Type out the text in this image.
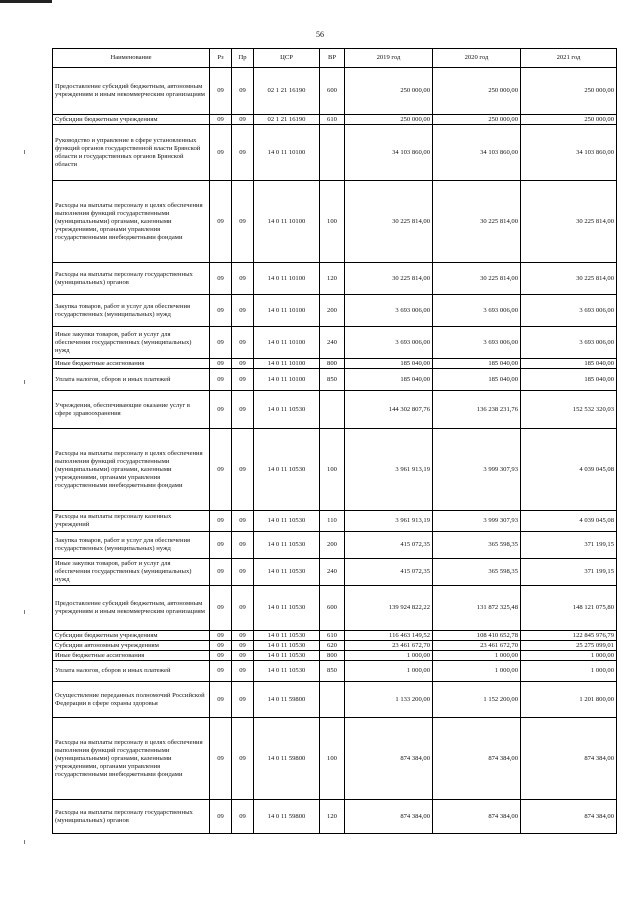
56
Наименование	Рз	Пр	ЦСР	ВР	2019 год	2020 год	2021 год
Предоставление субсидий бюджетным, автономным учреждениям и иным некоммерческим организациям	09	09	02 1 21 16190	600	250 000,00	250 000,00	250 000,00
Субсидии бюджетным учреждениям	09	09	02 1 21 16190	610	250 000,00	250 000,00	250 000,00
Руководство и управление в сфере установленных функций органов государственной власти Брянской области и государственных органов Брянской области	09	09	14 0 11 10100		34 103 860,00	34 103 860,00	34 103 860,00
Расходы на выплаты персоналу в целях обеспечения выполнения функций государственными (муниципальными) органами, казенными учреждениями, органами управления государственными внебюджетными фондами	09	09	14 0 11 10100	100	30 225 814,00	30 225 814,00	30 225 814,00
Расходы на выплаты персоналу государственных (муниципальных) органов	09	09	14 0 11 10100	120	30 225 814,00	30 225 814,00	30 225 814,00
Закупка товаров, работ и услуг для обеспечения государственных (муниципальных) нужд	09	09	14 0 11 10100	200	3 693 006,00	3 693 006,00	3 693 006,00
Иные закупки товаров, работ и услуг для обеспечения государственных (муниципальных) нужд	09	09	14 0 11 10100	240	3 693 006,00	3 693 006,00	3 693 006,00
Иные бюджетные ассигнования	09	09	14 0 11 10100	800	185 040,00	185 040,00	185 040,00
Уплата налогов, сборов и иных платежей	09	09	14 0 11 10100	850	185 040,00	185 040,00	185 040,00
Учреждения, обеспечивающие оказание услуг в сфере здравоохранения	09	09	14 0 11 10530		144 302 807,76	136 238 231,76	152 532 320,03
Расходы на выплаты персоналу в целях обеспечения выполнения функций государственными (муниципальными) органами, казенными учреждениями, органами управления государственными внебюджетными фондами	09	09	14 0 11 10530	100	3 961 913,19	3 999 307,93	4 039 045,08
Расходы на выплаты персоналу казенных учреждений	09	09	14 0 11 10530	110	3 961 913,19	3 999 307,93	4 039 045,08
Закупка товаров, работ и услуг для обеспечения государственных (муниципальных) нужд	09	09	14 0 11 10530	200	415 072,35	365 598,35	371 199,15
Иные закупки товаров, работ и услуг для обеспечения государственных (муниципальных) нужд	09	09	14 0 11 10530	240	415 072,35	365 598,35	371 199,15
Предоставление субсидий бюджетным, автономным учреждениям и иным некоммерческим организациям	09	09	14 0 11 10530	600	139 924 822,22	131 872 325,48	148 121 075,80
Субсидии бюджетным учреждениям	09	09	14 0 11 10530	610	116 463 149,52	108 410 652,78	122 845 976,79
Субсидии автономным учреждениям	09	09	14 0 11 10530	620	23 461 672,70	23 461 672,70	25 275 099,01
Иные бюджетные ассигнования	09	09	14 0 11 10530	800	1 000,00	1 000,00	1 000,00
Уплата налогов, сборов и иных платежей	09	09	14 0 11 10530	850	1 000,00	1 000,00	1 000,00
Осуществление переданных полномочий Российской Федерации в сфере охраны здоровья	09	09	14 0 11 59800		1 133 200,00	1 152 200,00	1 201 800,00
Расходы на выплаты персоналу в целях обеспечения выполнения функций государственными (муниципальными) органами, казенными учреждениями, органами управления государственными внебюджетными фондами	09	09	14 0 11 59800	100	874 384,00	874 384,00	874 384,00
Расходы на выплаты персоналу государственных (муниципальных) органов	09	09	14 0 11 59800	120	874 384,00	874 384,00	874 384,00
